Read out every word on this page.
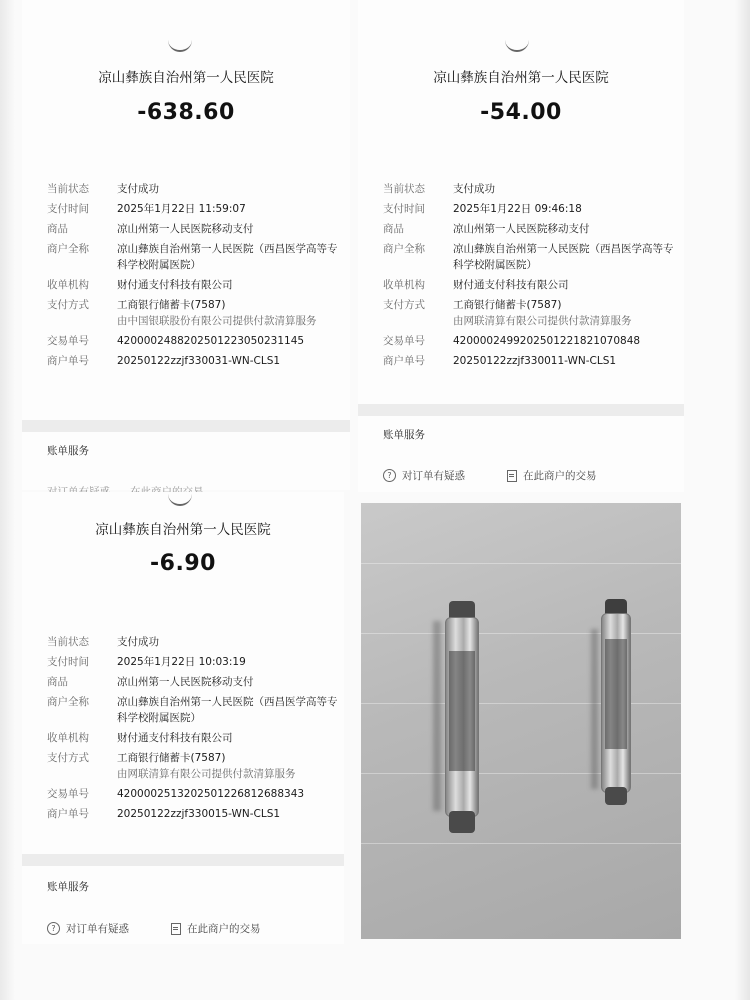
凉山彝族自治州第一人民医院
-638.60
当前状态	支付成功
支付时间	2025年1月22日 11:59:07
商品	凉山州第一人民医院移动支付
商户全称	凉山彝族自治州第一人民医院（西昌医学高等专科学校附属医院）
收单机构	财付通支付科技有限公司
支付方式	工商银行储蓄卡(7587)
由中国银联股份有限公司提供付款清算服务
交易单号	4200002488202501223050231145
商户单号	20250122zzjf330031-WN-CLS1
账单服务

凉山彝族自治州第一人民医院
-54.00
当前状态	支付成功
支付时间	2025年1月22日 09:46:18
商品	凉山州第一人民医院移动支付
商户全称	凉山彝族自治州第一人民医院（西昌医学高等专科学校附属医院）
收单机构	财付通支付科技有限公司
支付方式	工商银行储蓄卡(7587)
由网联清算有限公司提供付款清算服务
交易单号	4200002499202501221821070848
商户单号	20250122zzjf330011-WN-CLS1
账单服务
? 对订单有疑惑	在此商户的交易
凉山彝族自治州第一人民医院
-6.90
当前状态	支付成功
支付时间	2025年1月22日 10:03:19
商品	凉山州第一人民医院移动支付
商户全称	凉山彝族自治州第一人民医院（西昌医学高等专科学校附属医院）
收单机构	财付通支付科技有限公司
支付方式	工商银行储蓄卡(7587)
由网联清算有限公司提供付款清算服务
交易单号	4200002513202501226812688343
商户单号	20250122zzjf330015-WN-CLS1
账单服务
? 对订单有疑惑	在此商户的交易
